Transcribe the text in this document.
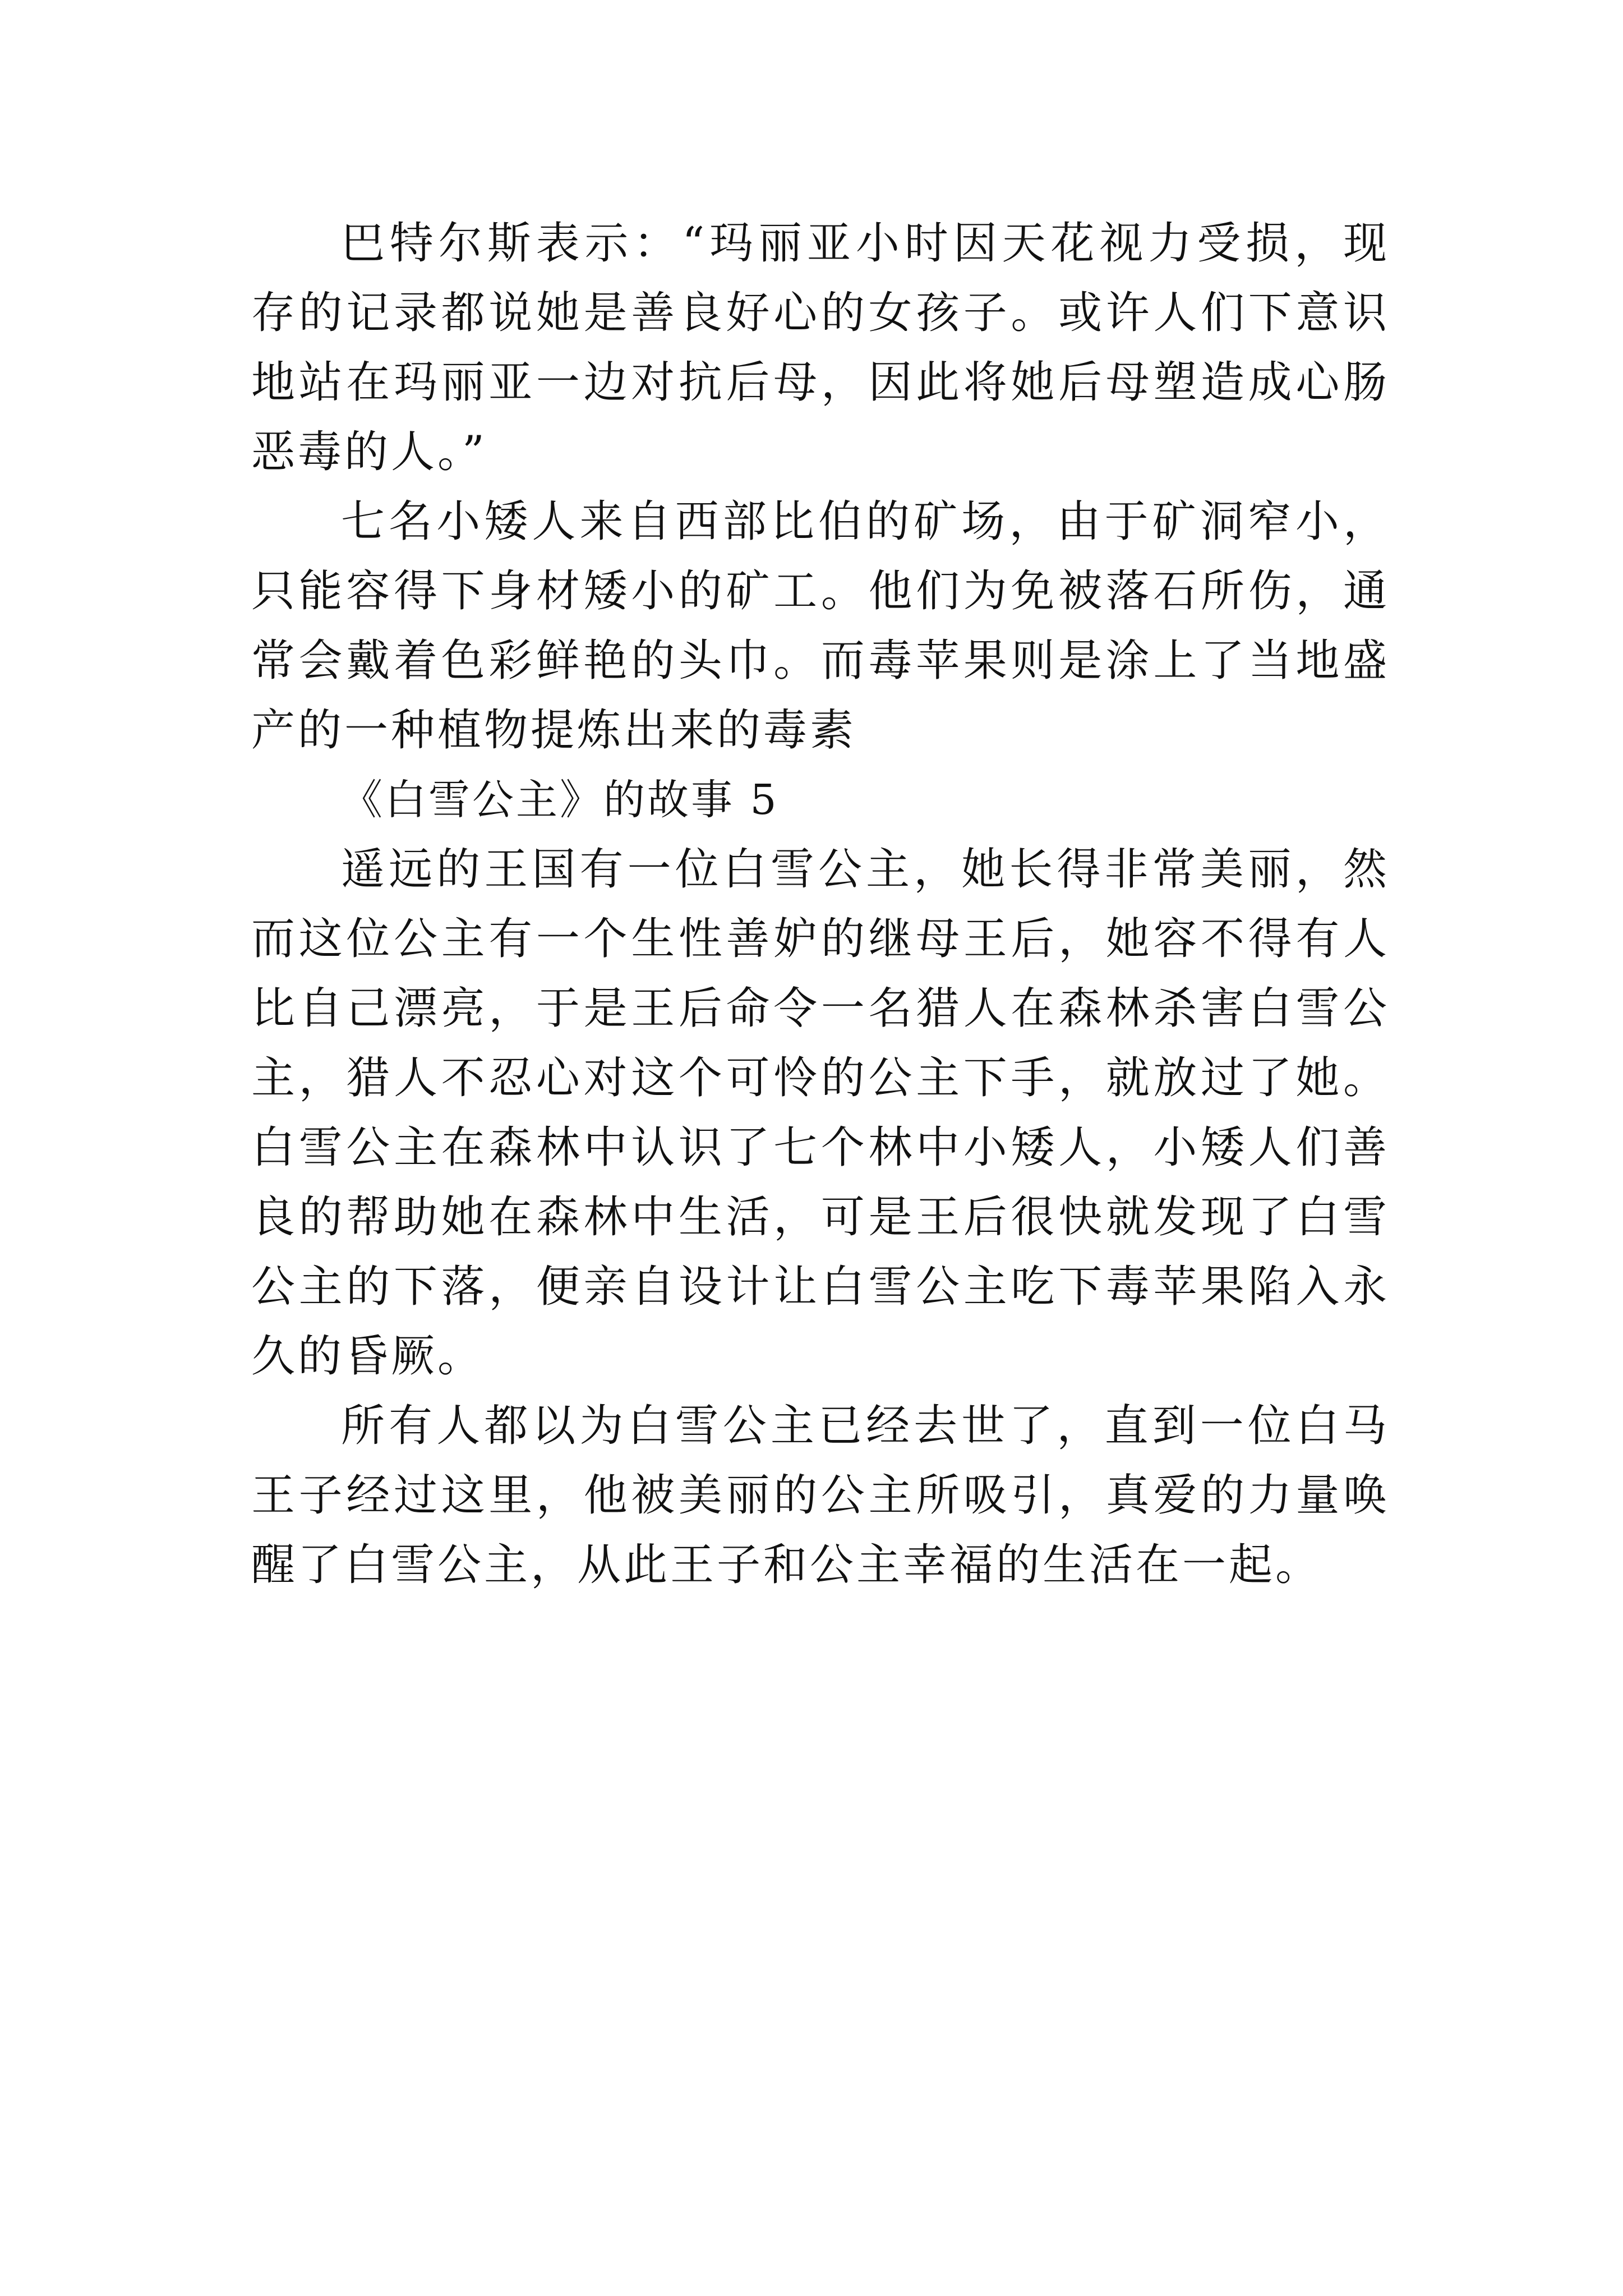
巴特尔斯表示：“玛丽亚小时因天花视力受损，现存的记录都说她是善良好心的女孩子。或许人们下意识地站在玛丽亚一边对抗后母，因此将她后母塑造成心肠恶毒的人。”

七名小矮人来自西部比伯的矿场，由于矿洞窄小，只能容得下身材矮小的矿工。他们为免被落石所伤，通常会戴着色彩鲜艳的头巾。而毒苹果则是涂上了当地盛产的一种植物提炼出来的毒素

《白雪公主》的故事 5

遥远的王国有一位白雪公主，她长得非常美丽，然而这位公主有一个生性善妒的继母王后，她容不得有人比自己漂亮，于是王后命令一名猎人在森林杀害白雪公主，猎人不忍心对这个可怜的公主下手，就放过了她。白雪公主在森林中认识了七个林中小矮人，小矮人们善良的帮助她在森林中生活，可是王后很快就发现了白雪公主的下落，便亲自设计让白雪公主吃下毒苹果陷入永久的昏厥。

所有人都以为白雪公主已经去世了，直到一位白马王子经过这里，他被美丽的公主所吸引，真爱的力量唤醒了白雪公主，从此王子和公主幸福的生活在一起。
